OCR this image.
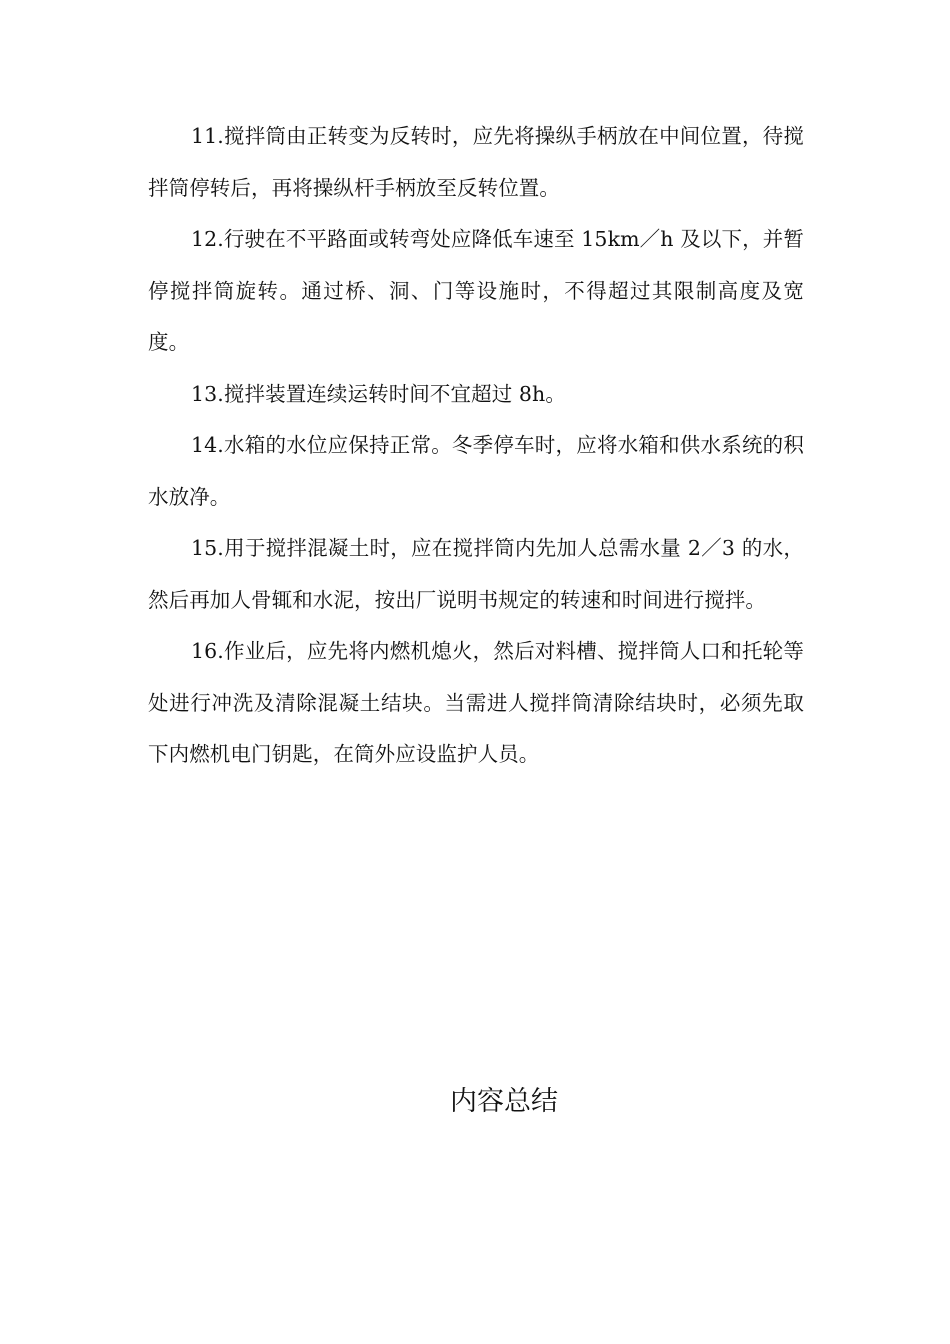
11.搅拌筒由正转变为反转时，应先将操纵手柄放在中间位置，待搅拌筒停转后，再将操纵杆手柄放至反转位置。

12.行驶在不平路面或转弯处应降低车速至 15km／h 及以下，并暂停搅拌筒旋转。通过桥、洞、门等设施时，不得超过其限制高度及宽度。

13.搅拌装置连续运转时间不宜超过 8h。

14.水箱的水位应保持正常。冬季停车时，应将水箱和供水系统的积水放净。

15.用于搅拌混凝土时，应在搅拌筒内先加人总需水量 2／3 的水，然后再加人骨辄和水泥，按出厂说明书规定的转速和时间进行搅拌。

16.作业后，应先将内燃机熄火，然后对料槽、搅拌筒人口和托轮等处进行冲洗及清除混凝土结块。当需进人搅拌筒清除结块时，必须先取下内燃机电门钥匙，在筒外应设监护人员。

内容总结
